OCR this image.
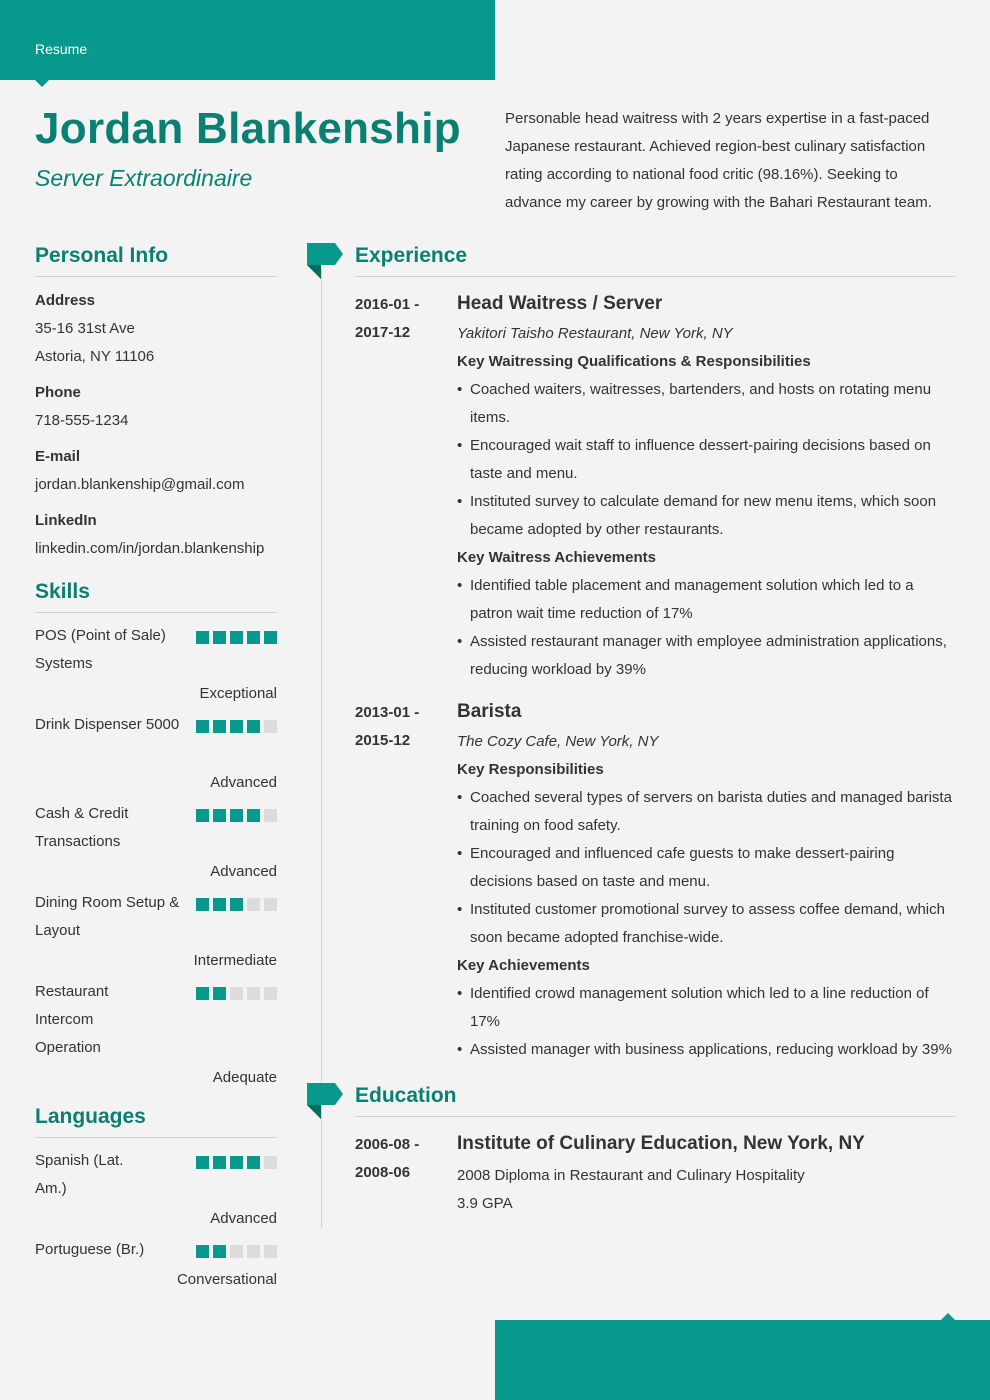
Resume
Jordan Blankenship
Server Extraordinaire
Personable head waitress with 2 years expertise in a fast-paced Japanese restaurant. Achieved region-best culinary satisfaction rating according to national food critic (98.16%). Seeking to advance my career by growing with the Bahari Restaurant team.
Personal Info
Address
35-16 31st Ave
Astoria, NY 11106
Phone
718-555-1234
E-mail
jordan.blankenship@gmail.com
LinkedIn
linkedin.com/in/jordan.blankenship
Skills
POS (Point of Sale) Systems
Exceptional
Drink Dispenser 5000
Advanced
Cash & Credit Transactions
Advanced
Dining Room Setup & Layout
Intermediate
Restaurant Intercom Operation
Adequate
Languages
Spanish (Lat. Am.)
Advanced
Portuguese (Br.)
Conversational
Experience
2016-01 -
2017-12
Head Waitress / Server
Yakitori Taisho Restaurant, New York, NY
Key Waitressing Qualifications & Responsibilities
• Coached waiters, waitresses, bartenders, and hosts on rotating menu items.
• Encouraged wait staff to influence dessert-pairing decisions based on taste and menu.
• Instituted survey to calculate demand for new menu items, which soon became adopted by other restaurants.
Key Waitress Achievements
• Identified table placement and management solution which led to a patron wait time reduction of 17%
• Assisted restaurant manager with employee administration applications, reducing workload by 39%
2013-01 -
2015-12
Barista
The Cozy Cafe, New York, NY
Key Responsibilities
• Coached several types of servers on barista duties and managed barista training on food safety.
• Encouraged and influenced cafe guests to make dessert-pairing decisions based on taste and menu.
• Instituted customer promotional survey to assess coffee demand, which soon became adopted franchise-wide.
Key Achievements
• Identified crowd management solution which led to a line reduction of 17%
• Assisted manager with business applications, reducing workload by 39%
Education
2006-08 -
2008-06
Institute of Culinary Education, New York, NY
2008 Diploma in Restaurant and Culinary Hospitality
3.9 GPA
